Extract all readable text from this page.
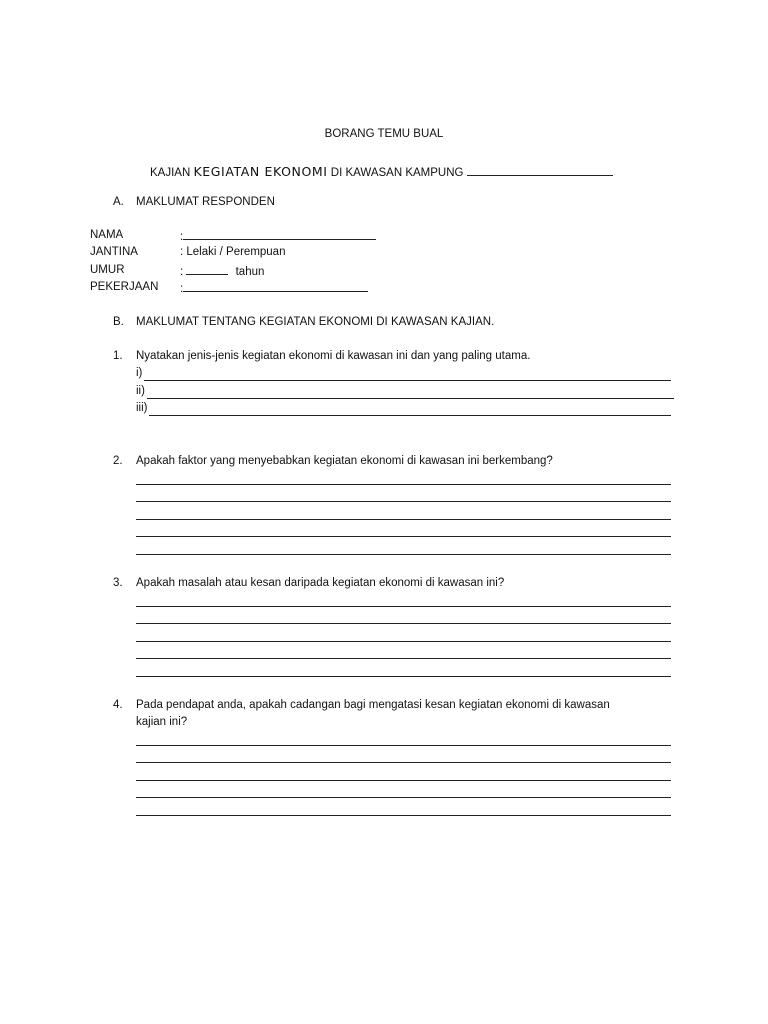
BORANG TEMU BUAL
KAJIAN KEGIATAN EKONOMI DI KAWASAN KAMPUNG
A. MAKLUMAT RESPONDEN
NAMA	:
JANTINA	: Lelaki / Perempuan
UMUR	:	tahun
PEKERJAAN :
B. MAKLUMAT TENTANG KEGIATAN EKONOMI DI KAWASAN KAJIAN.
1. Nyatakan jenis-jenis kegiatan ekonomi di kawasan ini dan yang paling utama.
i)
ii)
iii)
2. Apakah faktor yang menyebabkan kegiatan ekonomi di kawasan ini berkembang?
3. Apakah masalah atau kesan daripada kegiatan ekonomi di kawasan ini?
4. Pada pendapat anda, apakah cadangan bagi mengatasi kesan kegiatan ekonomi di kawasan
kajian ini?
